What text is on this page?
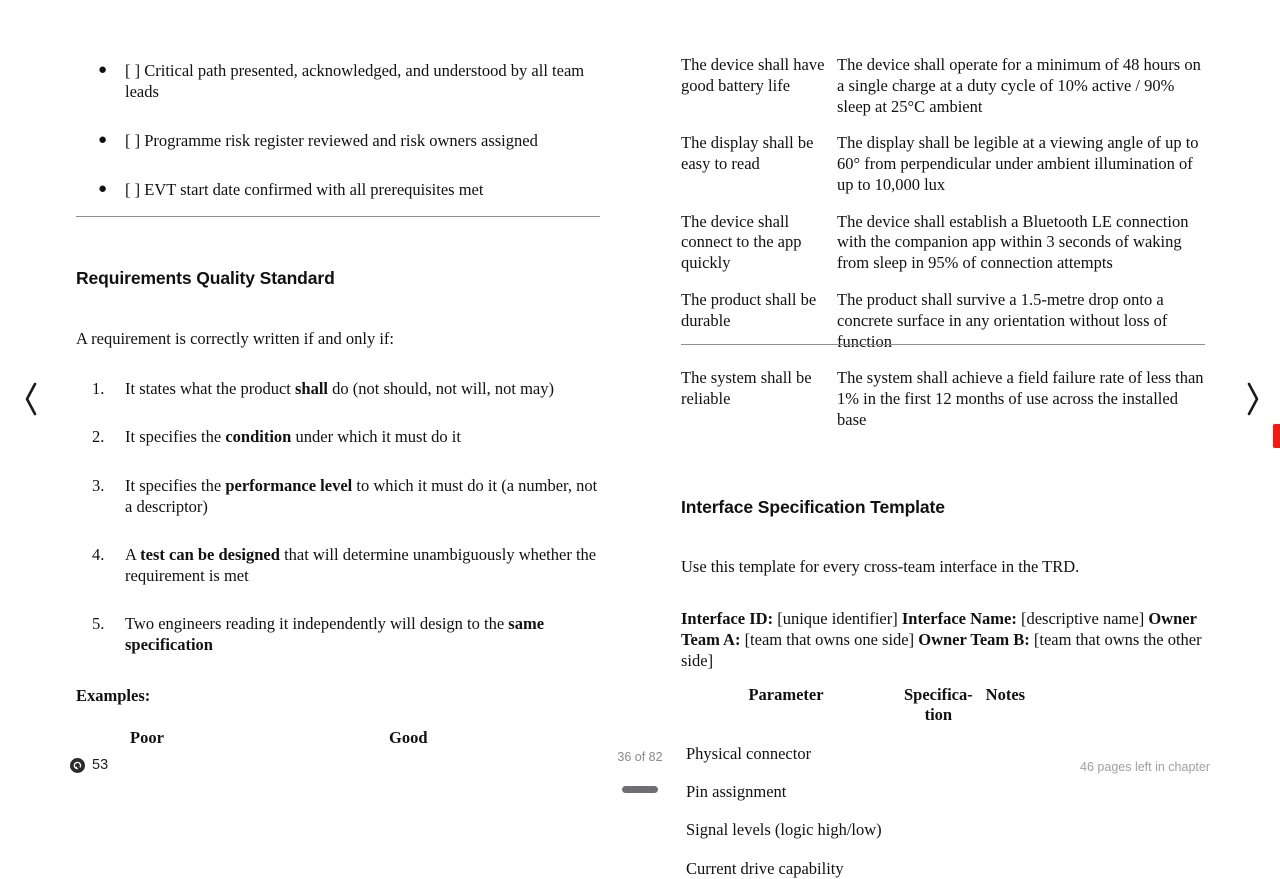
● [ ] Critical path presented, acknowledged, and understood by all team leads
● [ ] Programme risk register reviewed and risk owners assigned
● [ ] EVT start date confirmed with all prerequisites met
Requirements Quality Standard

A requirement is correctly written if and only if:

1.	It states what the product shall do (not should, not will, not may)
2.	It specifies the condition under which it must do it
3.	It specifies the performance level to which it must do it (a number, not a descriptor)
4.	A test can be designed that will determine unambiguously whether the requirement is met
5.	Two engineers reading it independently will design to the same specification

Examples:

Poor	Good
The device shall have good battery life	The device shall operate for a minimum of 48 hours on a single charge at a duty cycle of 10% active / 90% sleep at 25°C ambient
The display shall be easy to read	The display shall be legible at a viewing angle of up to 60° from perpendicular under ambient illumination of up to 10,000 lux
The device shall connect to the app quickly	The device shall establish a Bluetooth LE connection with the companion app within 3 seconds of waking from sleep in 95% of connection attempts
The product shall be durable	The product shall survive a 1.5-metre drop onto a concrete surface in any orientation without loss of function
The system shall be reliable	The system shall achieve a field failure rate of less than 1% in the first 12 months of use across the installed base
Interface Specification Template

Use this template for every cross-team interface in the TRD.

Interface ID: [unique identifier] Interface Name: [descriptive name] Owner Team A: [team that owns one side] Owner Team B: [team that owns the other side]

Parameter	Specifica-tion	Notes
Physical connector		
Pin assignment		
Signal levels (logic high/low)		
Current drive capability		
53	36 of 82
46 pages left in chapter
